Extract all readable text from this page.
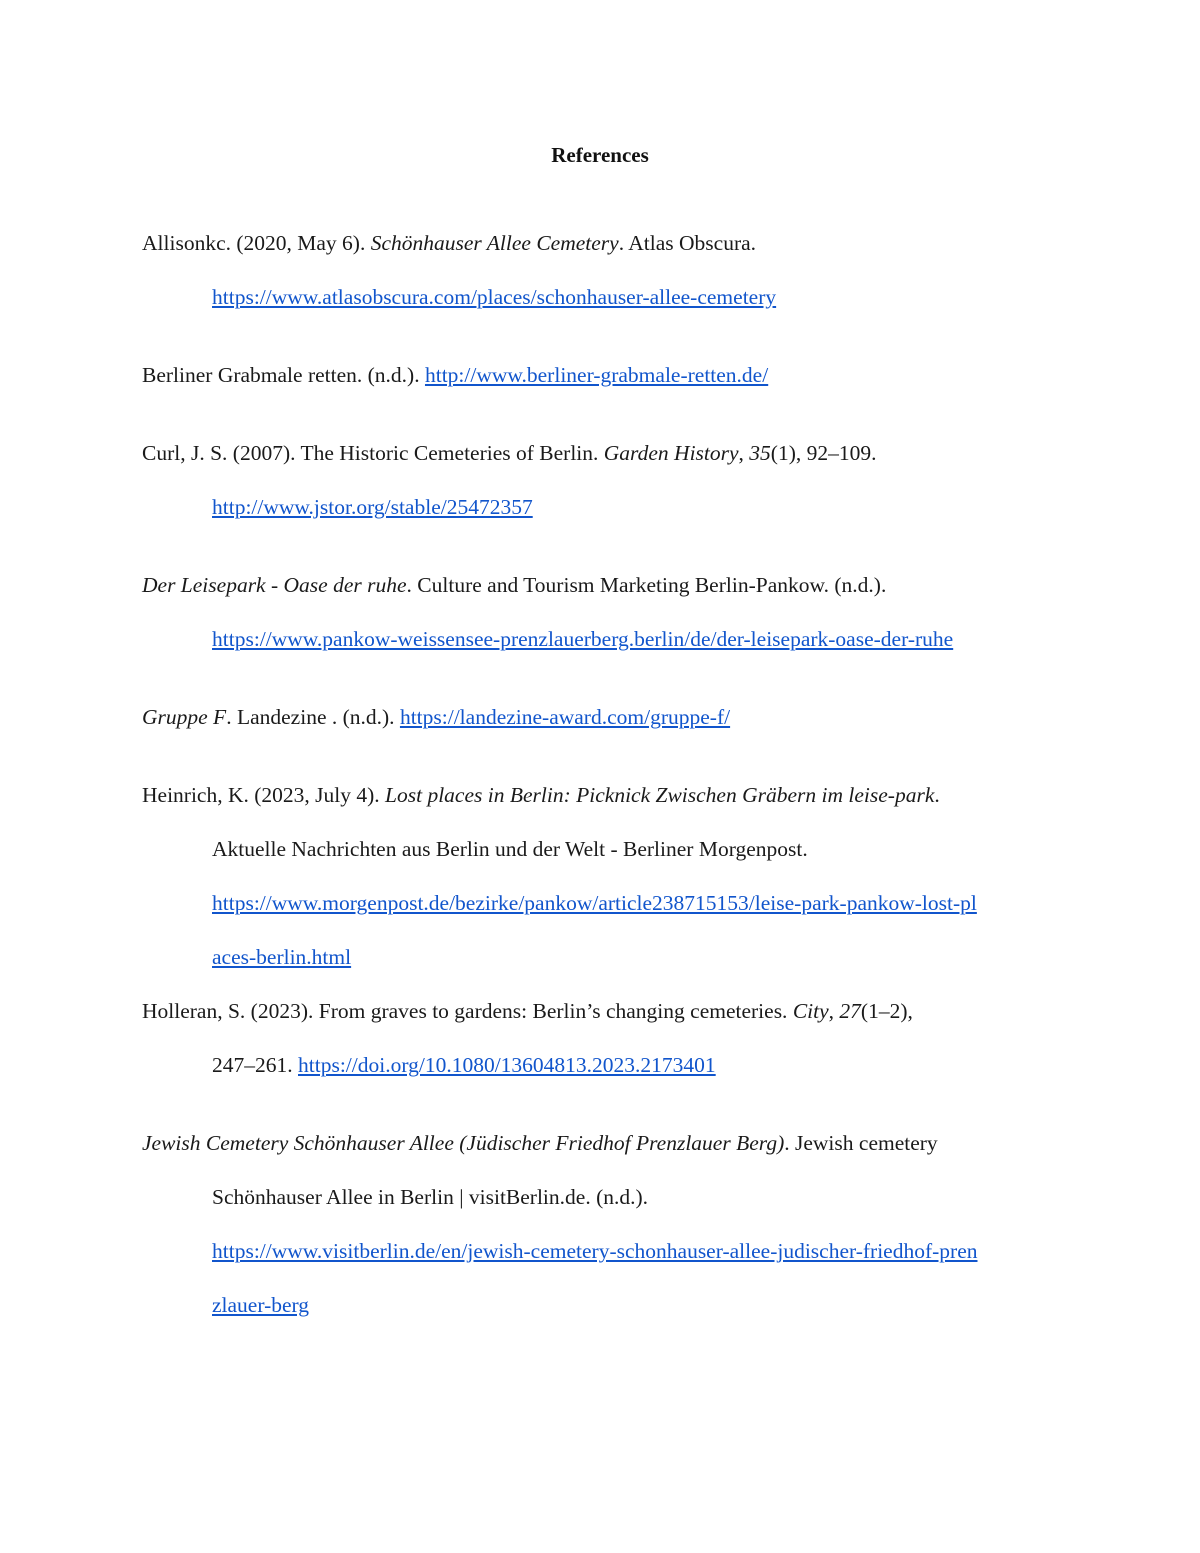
References
Allisonkc. (2020, May 6). Schönhauser Allee Cemetery. Atlas Obscura.
https://www.atlasobscura.com/places/schonhauser-allee-cemetery
Berliner Grabmale retten. (n.d.). http://www.berliner-grabmale-retten.de/
Curl, J. S. (2007). The Historic Cemeteries of Berlin. Garden History, 35(1), 92–109.
http://www.jstor.org/stable/25472357
Der Leisepark - Oase der ruhe. Culture and Tourism Marketing Berlin-Pankow. (n.d.).
https://www.pankow-weissensee-prenzlauerberg.berlin/de/der-leisepark-oase-der-ruhe
Gruppe F. Landezine . (n.d.). https://landezine-award.com/gruppe-f/
Heinrich, K. (2023, July 4). Lost places in Berlin: Picknick Zwischen Gräbern im leise-park.
Aktuelle Nachrichten aus Berlin und der Welt - Berliner Morgenpost.
https://www.morgenpost.de/bezirke/pankow/article238715153/leise-park-pankow-lost-pl
aces-berlin.html
Holleran, S. (2023). From graves to gardens: Berlin’s changing cemeteries. City, 27(1–2),
247–261. https://doi.org/10.1080/13604813.2023.2173401
Jewish Cemetery Schönhauser Allee (Jüdischer Friedhof Prenzlauer Berg). Jewish cemetery
Schönhauser Allee in Berlin | visitBerlin.de. (n.d.).
https://www.visitberlin.de/en/jewish-cemetery-schonhauser-allee-judischer-friedhof-pren
zlauer-berg
